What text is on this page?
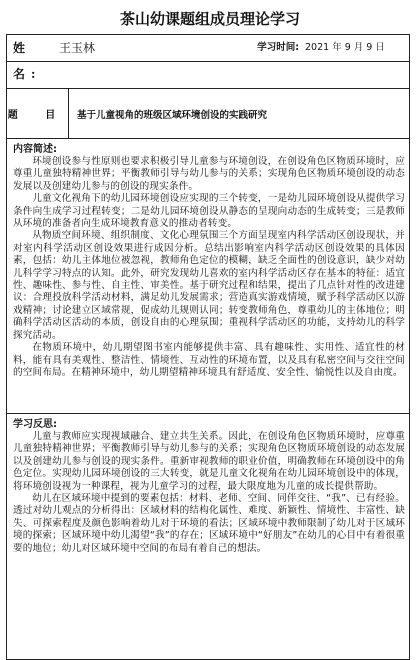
茶山幼课题组成员理论学习
姓 名:
王玉林	学习时间: 2021 年 9 月 9 日
题 目	基于儿童视角的班级区域环境创设的实践研究
内容简述:

环境创设参与性原则也要求积极引导儿童参与环境创设，在创设角色区物质环境时，应尊重儿童独特精神世界；平衡教师引导与幼儿参与的关系；实现角色区物质环境创设的动态发展以及创建幼儿参与的创设的现实条件。

儿童文化视角下的幼儿园环境创设应实现的三个转变，一是幼儿园环境创设从提供学习条件向生成学习过程转变；二是幼儿园环境创设从静态的呈现向动态的生成转变；三是教师从环境的准备者向生成环境教育意义的推动者转变。

从物质空间环境、组织制度、文化心理氛围三个方面呈现室内科学活动区创设现状，并对室内科学活动区创设效果进行成因分析。总结出影响室内科学活动区创设效果的具体因素，包括：幼儿主体地位被忽视，教师角色定位的模糊，缺乏全面性的创设意识，缺少对幼儿科学学习特点的认知。此外，研究发现幼儿喜欢的室内科学活动区存在基本的特征：适宜性、趣味性、参与性、自主性、审美性。基于研究过程和结果，提出了几点针对性的改进建议：合理投放科学活动材料，满足幼儿发展需求；营造真实游戏情境，赋予科学活动区以游戏精神；讨论建立区域常规，促成幼儿规则认同；转变教师角色，尊重幼儿的主体地位；明确科学活动区活动的本质，创设自由的心理氛围；重视科学活动区的功能，支持幼儿的科学探究活动。

在物质环境中，幼儿期望图书室内能够提供丰富、具有趣味性、实用性、适宜性的材料，能有具有美观性、整洁性、情境性、互动性的环境布置，以及具有私密空间与交往空间的空间布局。在精神环境中，幼儿期望精神环境具有舒适度、安全性、愉悦性以及自由度。

学习反思:

儿童与教师应实现视域融合、建立共生关系。因此，在创设角色区物质环境时，应尊重儿童独特精神世界；平衡教师引导与幼儿参与的关系；实现角色区物质环境创设的动态发展以及创建幼儿参与创设的现实条件。重新审视教师的职业价值，明确教师在环境创设中的角色定位。实现幼儿园环境创设的三大转变，就是儿童文化视角在幼儿园环境创设中的体现，将环境创设视为一种课程，视为儿童学习的过程，最大限度地为儿童的成长提供帮助。

幼儿在区域环境中提到的要素包括：材料、老师、空间、同伴交往、“我”、已有经验。透过对幼儿观点的分析得出：区域材料的结构化属性、难度、新颖性、情境性、丰富性、缺失、可探索程度及颜色影响着幼儿对于环境的看法；区域环境中教师限制了幼儿对于区域环境的探索；区域环境中幼儿渴望“我”的存在；区域环境中“好朋友”在幼儿的心目中有着很重要的地位；幼儿对区域环境中空间的布局有着自己的想法。
